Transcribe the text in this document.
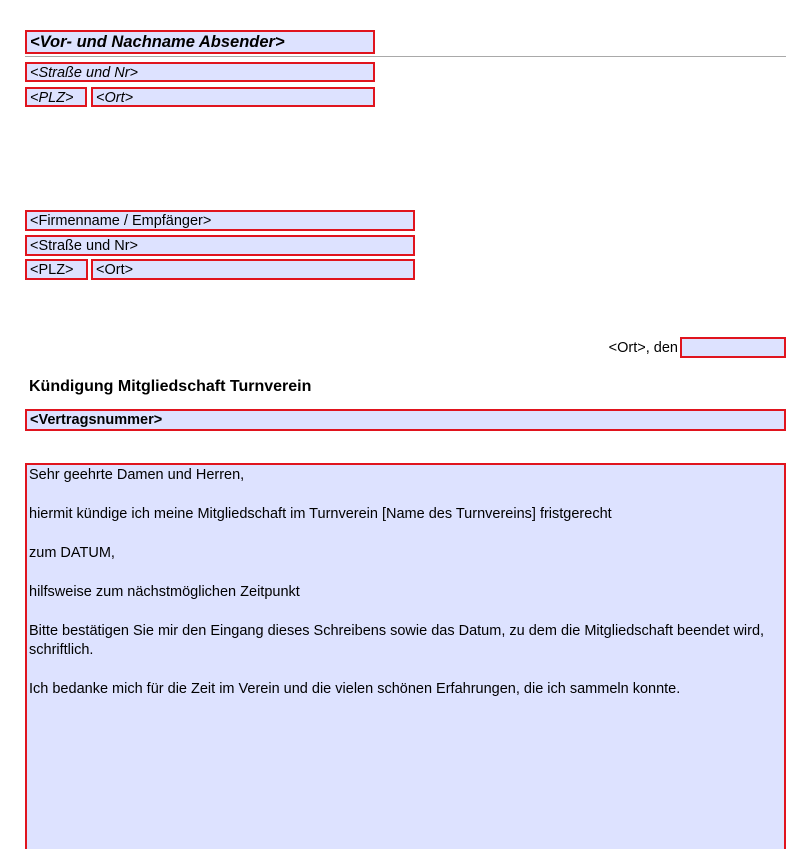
<Vor- und Nachname Absender>
<Straße und Nr>
<PLZ>	<Ort>
<Firmenname / Empfänger>
<Straße und Nr>
<PLZ>	<Ort>
<Ort>, den
Kündigung Mitgliedschaft Turnverein
<Vertragsnummer>

Sehr geehrte Damen und Herren,

hiermit kündige ich meine Mitgliedschaft im Turnverein [Name des Turnvereins] fristgerecht

zum DATUM,

hilfsweise zum nächstmöglichen Zeitpunkt

Bitte bestätigen Sie mir den Eingang dieses Schreibens sowie das Datum, zu dem die Mitgliedschaft beendet wird, schriftlich.

Ich bedanke mich für die Zeit im Verein und die vielen schönen Erfahrungen, die ich sammeln konnte.
